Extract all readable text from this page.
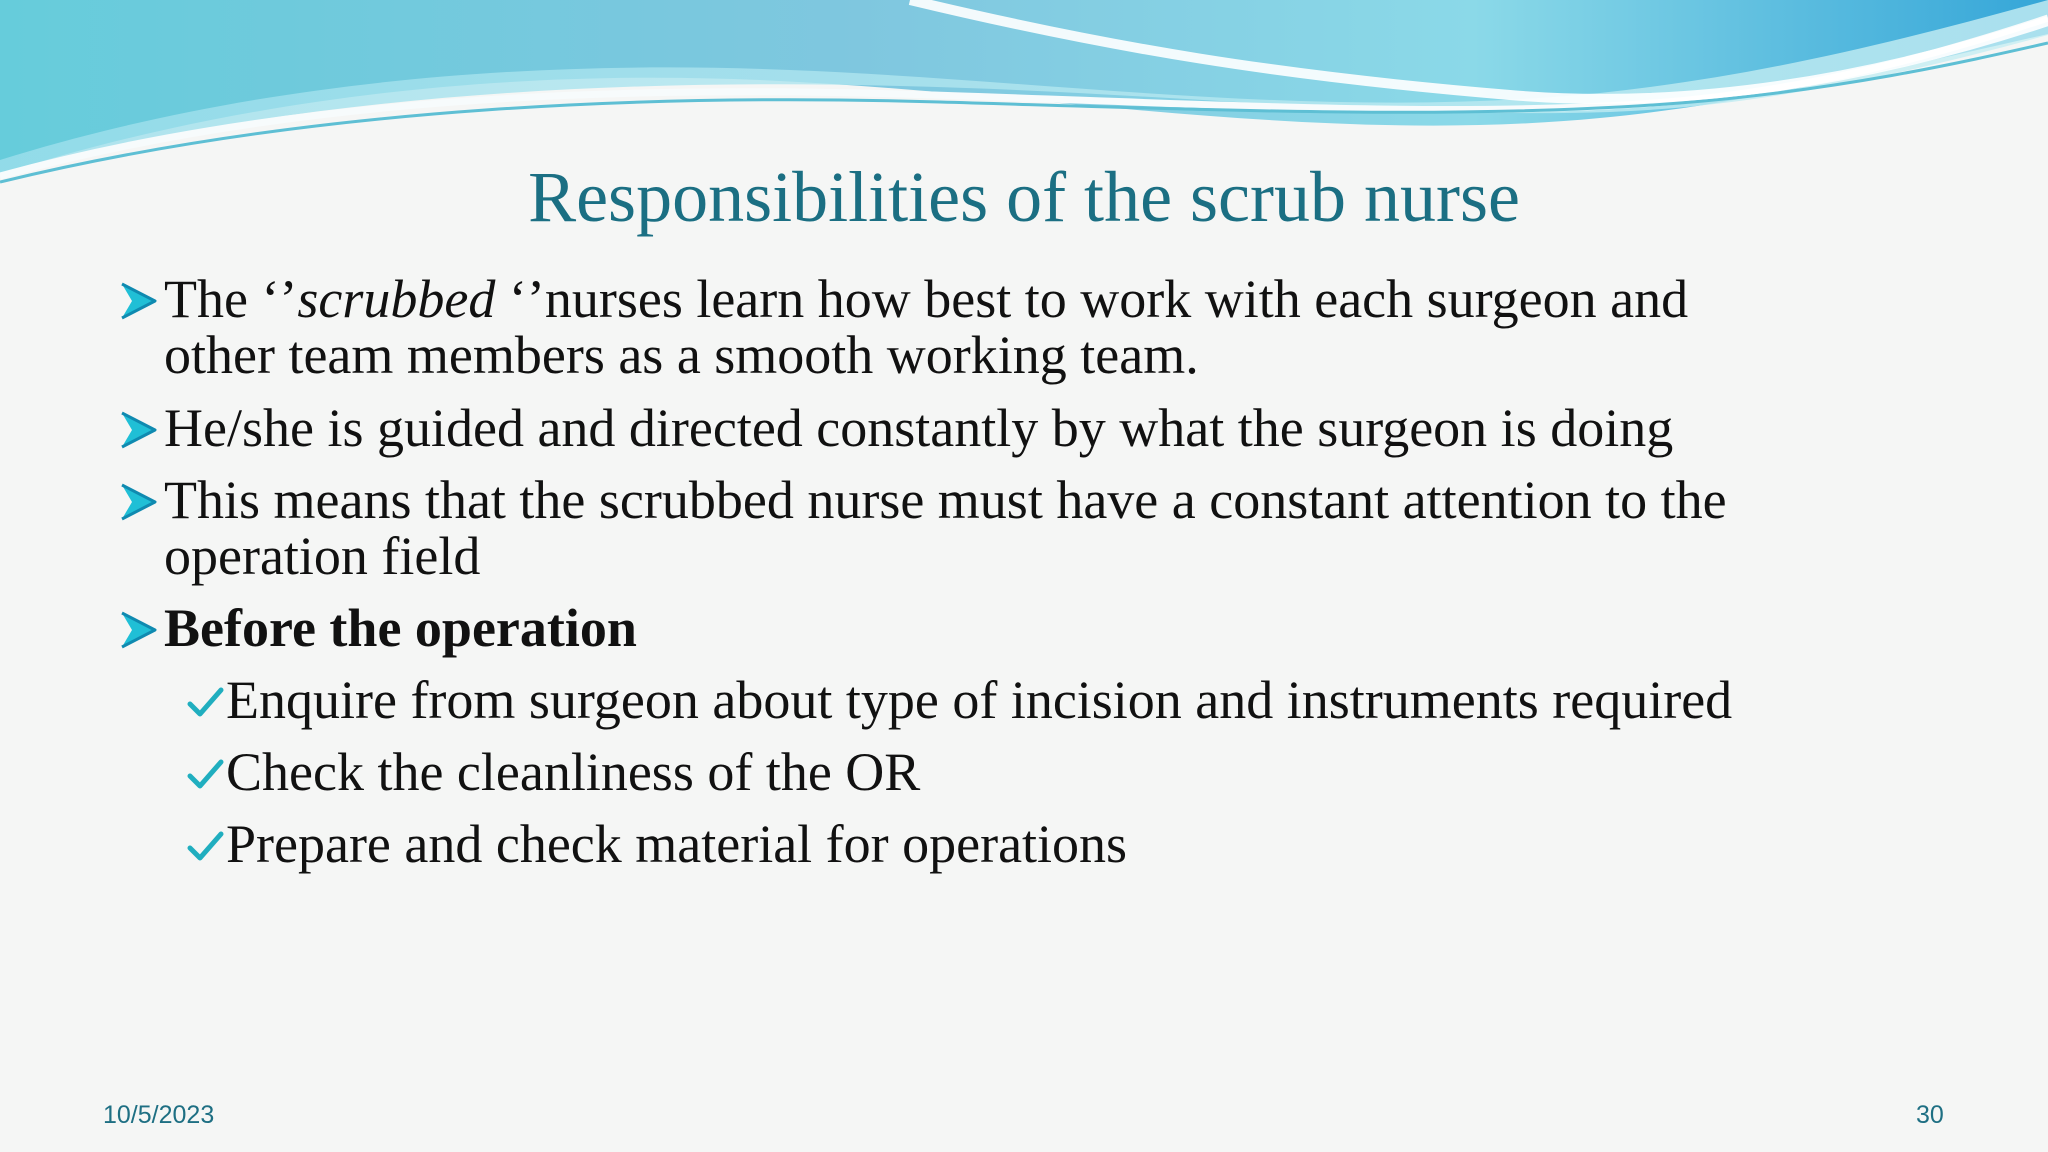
Responsibilities of the scrub nurse
The ‘’scrubbed ‘’nurses learn how best to work with each surgeon and
other team members as a smooth working team.
He/she is guided and directed constantly by what the surgeon is doing
This means that the scrubbed nurse must have a constant attention to the
operation field
Before the operation
Enquire from surgeon about type of incision and instruments required
Check the cleanliness of the OR
Prepare and check material for operations
10/5/2023	30
